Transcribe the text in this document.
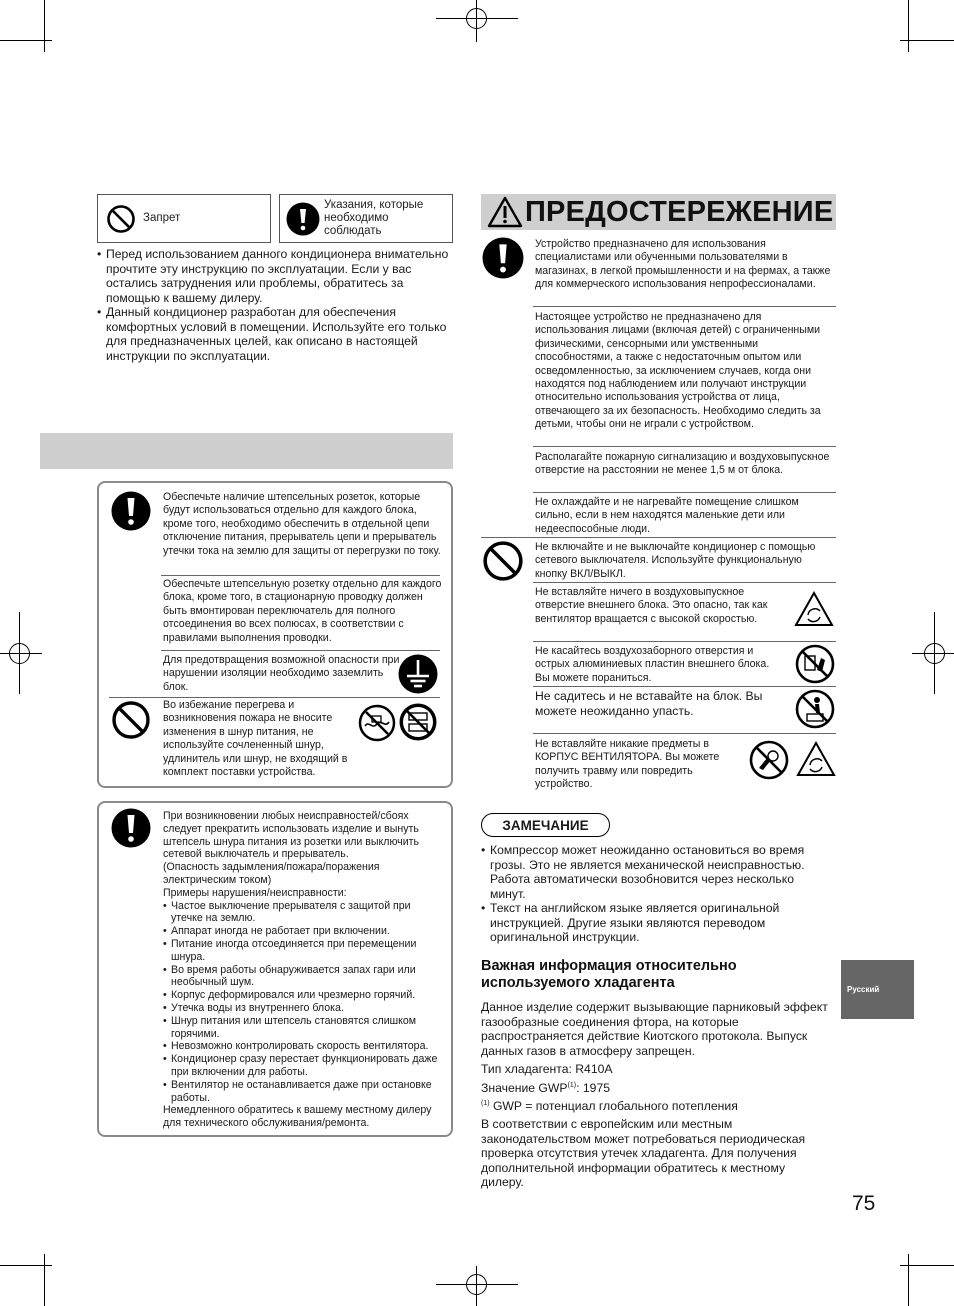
Запрет
Указания, которые необходимо соблюдать
• Перед использованием данного кондиционера внимательно прочтите эту инструкцию по эксплуатации. Если у вас остались затруднения или проблемы, обратитесь за помощью к вашему дилеру.
• Данный кондиционер разработан для обеспечения комфортных условий в помещении. Используйте его только для предназначенных целей, как описано в настоящей инструкции по эксплуатации.
Обеспечьте наличие штепсельных розеток, которые будут использоваться отдельно для каждого блока, кроме того, необходимо обеспечить в отдельной цепи отключение питания, прерыватель цепи и прерыватель утечки тока на землю для защиты от перегрузки по току.
Обеспечьте штепсельную розетку отдельно для каждого блока, кроме того, в стационарную проводку должен быть вмонтирован переключатель для полного отсоединения во всех полюсах, в соответствии с правилами выполнения проводки.
Для предотвращения возможной опасности при нарушении изоляции необходимо заземлить блок.
Во избежание перегрева и возникновения пожара не вносите изменения в шнур питания, не используйте сочлененный шнур, удлинитель или шнур, не входящий в комплект поставки устройства.
При возникновении любых неисправностей/сбоях следует прекратить использовать изделие и вынуть штепсель шнура питания из розетки или выключить сетевой выключатель и прерыватель.
(Опасность задымления/пожара/поражения электрическим током)
Примеры нарушения/неисправности:
• Частое выключение прерывателя с защитой при утечке на землю.
• Аппарат иногда не работает при включении.
• Питание иногда отсоединяется при перемещении шнура.
• Во время работы обнаруживается запах гари или необычный шум.
• Корпус деформировался или чрезмерно горячий.
• Утечка воды из внутреннего блока.
• Шнур питания или штепсель становятся слишком горячими.
• Невозможно контролировать скорость вентилятора.
• Кондиционер сразу перестает функционировать даже при включении для работы.
• Вентилятор не останавливается даже при остановке работы.
Немедленного обратитесь к вашему местному дилеру для технического обслуживания/ремонта.
ПРЕДОСТЕРЕЖЕНИЕ
Устройство предназначено для использования специалистами или обученными пользователями в магазинах, в легкой промышленности и на фермах, а также для коммерческого использования непрофессионалами.
Настоящее устройство не предназначено для использования лицами (включая детей) с ограниченными физическими, сенсорными или умственными способностями, а также с недостаточным опытом или осведомленностью, за исключением случаев, когда они находятся под наблюдением или получают инструкции относительно использования устройства от лица, отвечающего за их безопасность. Необходимо следить за детьми, чтобы они не играли с устройством.
Располагайте пожарную сигнализацию и воздуховыпускное отверстие на расстоянии не менее 1,5 м от блока.
Не охлаждайте и не нагревайте помещение слишком сильно, если в нем находятся маленькие дети или недееспособные люди.
Не включайте и не выключайте кондиционер с помощью сетевого выключателя. Используйте функциональную кнопку ВКЛ/ВЫКЛ.
Не вставляйте ничего в воздуховыпускное отверстие внешнего блока. Это опасно, так как вентилятор вращается с высокой скоростью.
Не касайтесь воздухозаборного отверстия и острых алюминиевых пластин внешнего блока. Вы можете пораниться.
Не садитесь и не вставайте на блок. Вы можете неожиданно упасть.
Не вставляйте никакие предметы в КОРПУС ВЕНТИЛЯТОРА. Вы можете получить травму или повредить устройство.
ЗАМЕЧАНИЕ
• Компрессор может неожиданно остановиться во время грозы. Это не является механической неисправностью. Работа автоматически возобновится через несколько минут.
• Текст на английском языке является оригинальной инструкцией. Другие языки являются переводом оригинальной инструкции.
Важная информация относительно используемого хладагента
Данное изделие содержит вызывающие парниковый эффект газообразные соединения фтора, на которые распространяется действие Киотского протокола. Выпуск данных газов в атмосферу запрещен.
Тип хладагента: R410A
Значение GWP$^{(1)}$: 1975
$^{(1)}$ GWP = потенциал глобального потепления
В соответствии с европейским или местным законодательством может потребоваться периодическая проверка отсутствия утечек хладагента. Для получения дополнительной информации обратитесь к местному дилеру.
Русский
75
